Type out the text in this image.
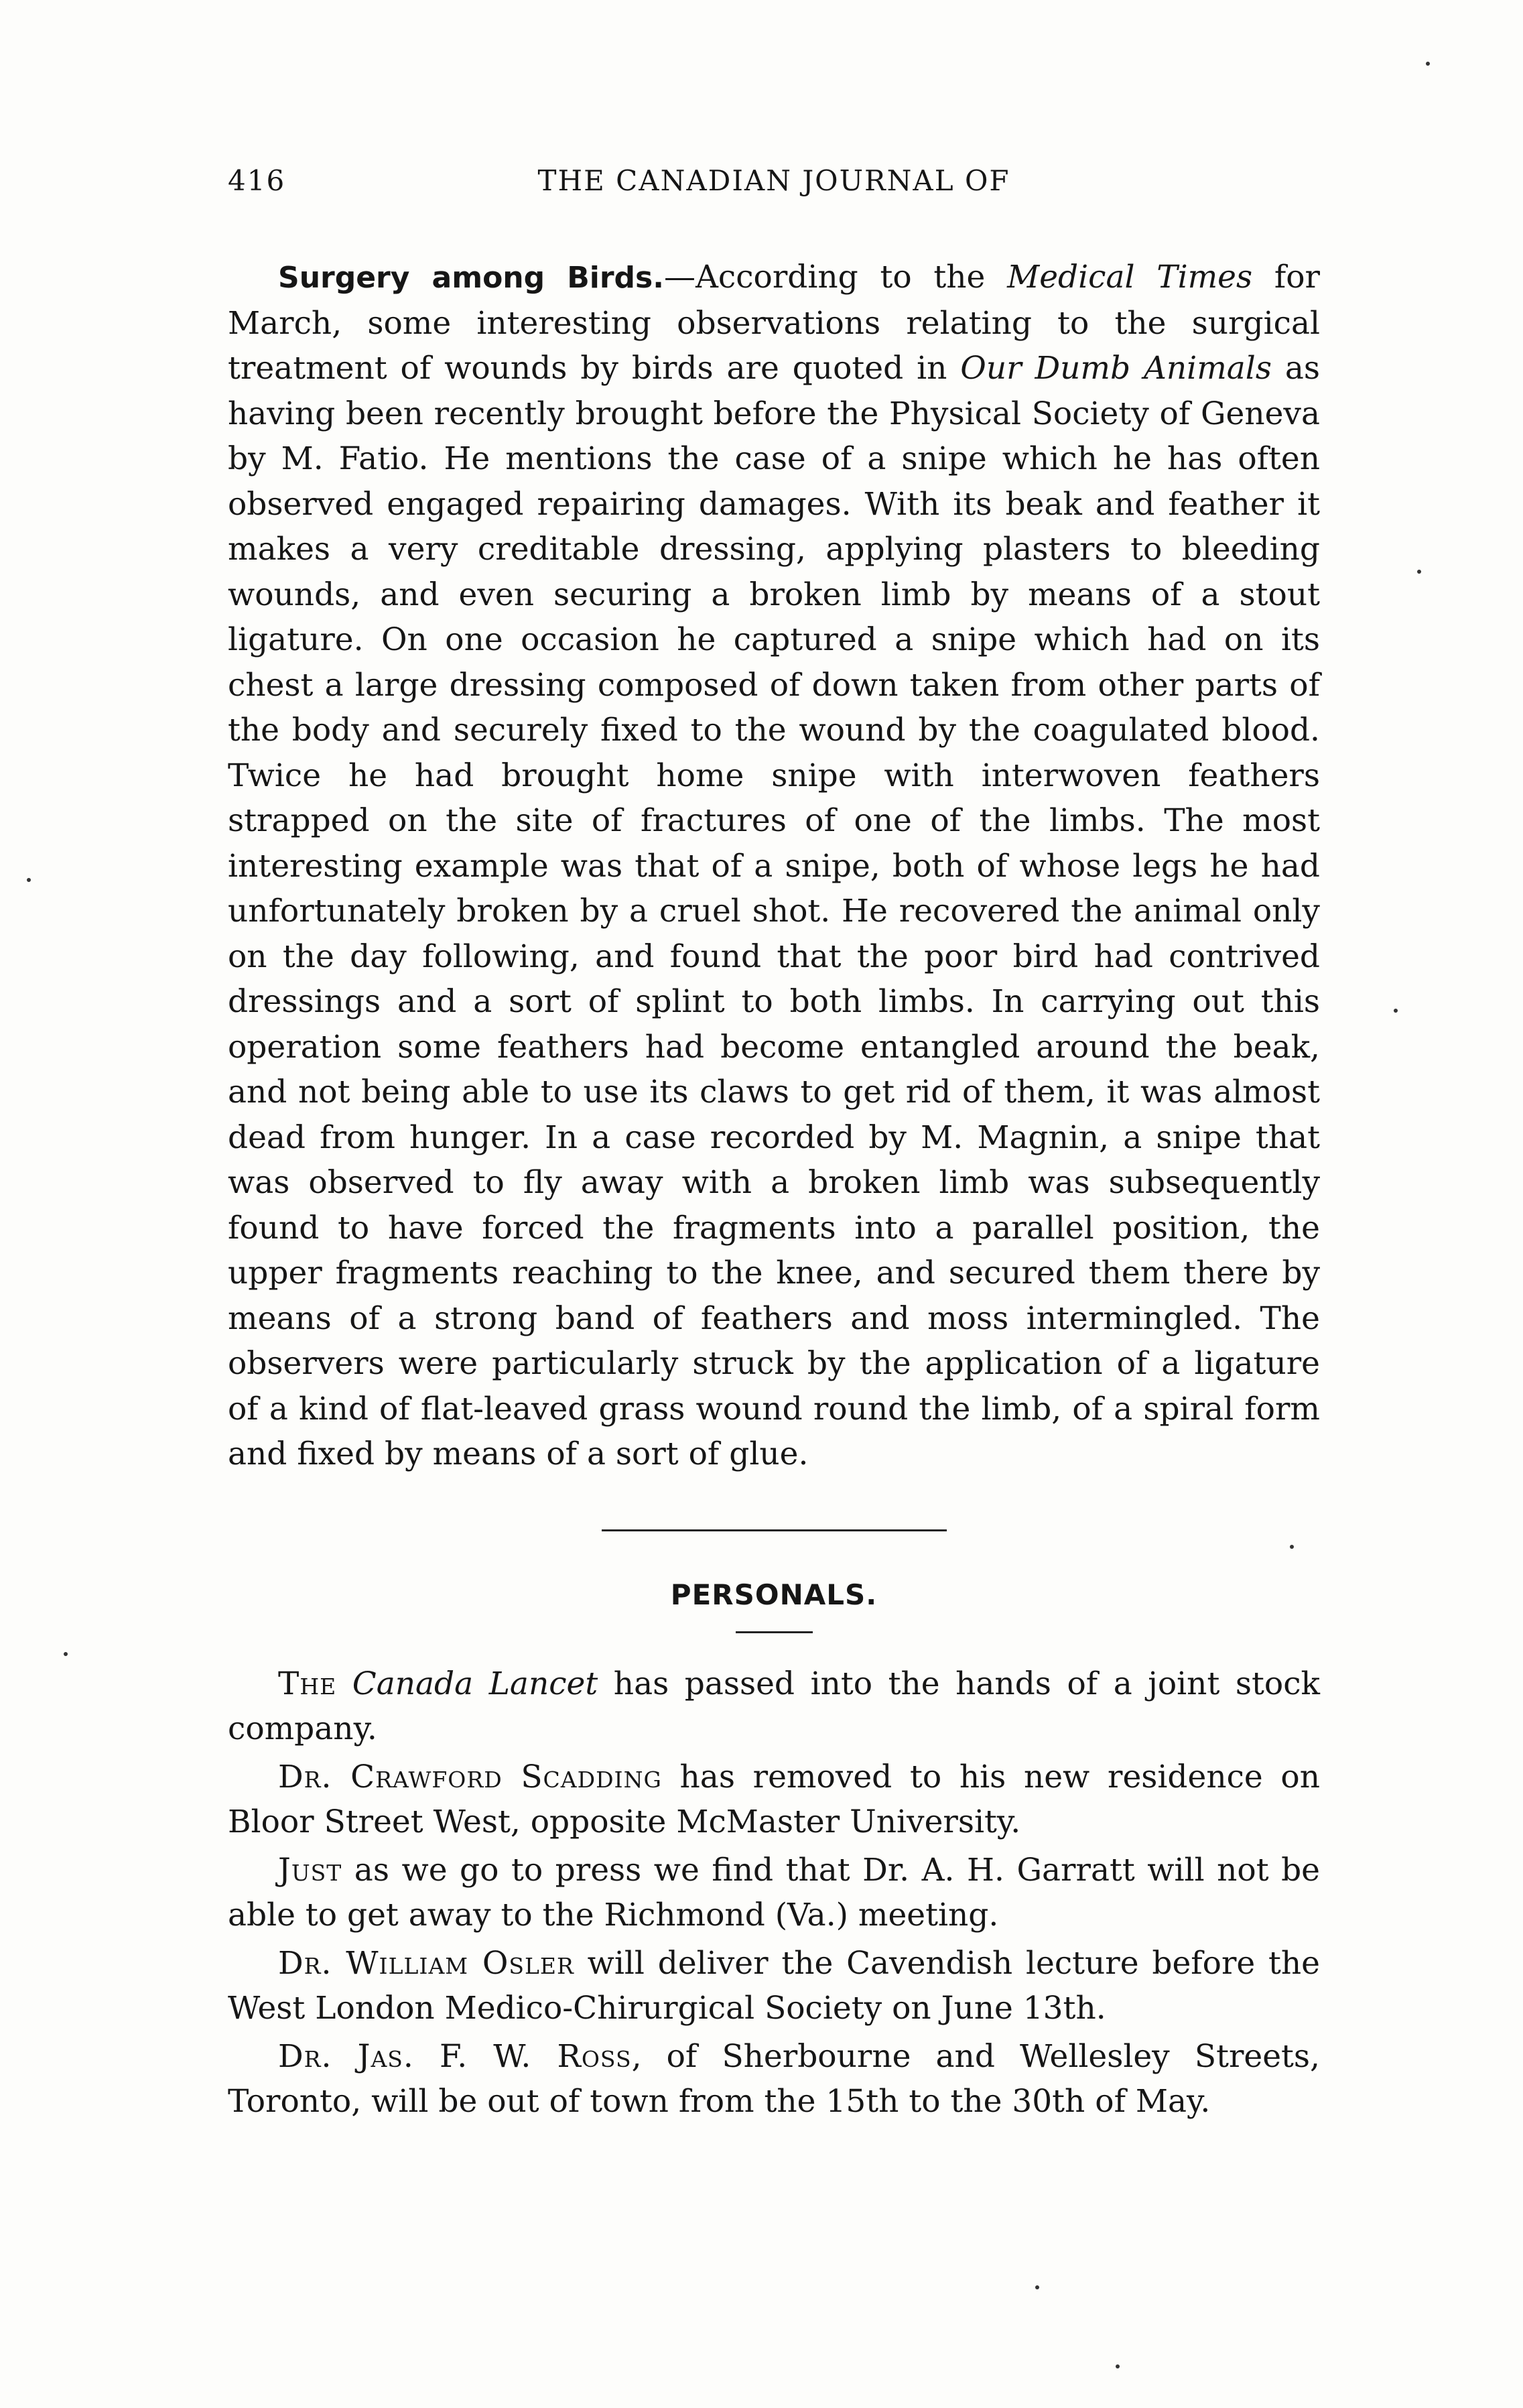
416	THE CANADIAN JOURNAL OF

Surgery among Birds.—According to the Medical Times for March, some interesting observations relating to the surgical treatment of wounds by birds are quoted in Our Dumb Animals as having been recently brought before the Physical Society of Geneva by M. Fatio. He mentions the case of a snipe which he has often observed engaged repairing damages. With its beak and feather it makes a very creditable dressing, applying plasters to bleeding wounds, and even securing a broken limb by means of a stout ligature. On one occasion he captured a snipe which had on its chest a large dressing composed of down taken from other parts of the body and securely fixed to the wound by the coagulated blood. Twice he had brought home snipe with interwoven feathers strapped on the site of fractures of one of the limbs. The most interesting example was that of a snipe, both of whose legs he had unfortunately broken by a cruel shot. He recovered the animal only on the day following, and found that the poor bird had contrived dressings and a sort of splint to both limbs. In carrying out this operation some feathers had become entangled around the beak, and not being able to use its claws to get rid of them, it was almost dead from hunger. In a case recorded by M. Magnin, a snipe that was observed to fly away with a broken limb was subsequently found to have forced the fragments into a parallel position, the upper fragments reaching to the knee, and secured them there by means of a strong band of feathers and moss intermingled. The observers were particularly struck by the application of a ligature of a kind of flat-leaved grass wound round the limb, of a spiral form and fixed by means of a sort of glue.

PERSONALS.

The Canada Lancet has passed into the hands of a joint stock company.

Dr. Crawford Scadding has removed to his new residence on Bloor Street West, opposite McMaster University.

Just as we go to press we find that Dr. A. H. Garratt will not be able to get away to the Richmond (Va.) meeting.

Dr. William Osler will deliver the Cavendish lecture before the West London Medico-Chirurgical Society on June 13th.

Dr. Jas. F. W. Ross, of Sherbourne and Wellesley Streets, Toronto, will be out of town from the 15th to the 30th of May.
